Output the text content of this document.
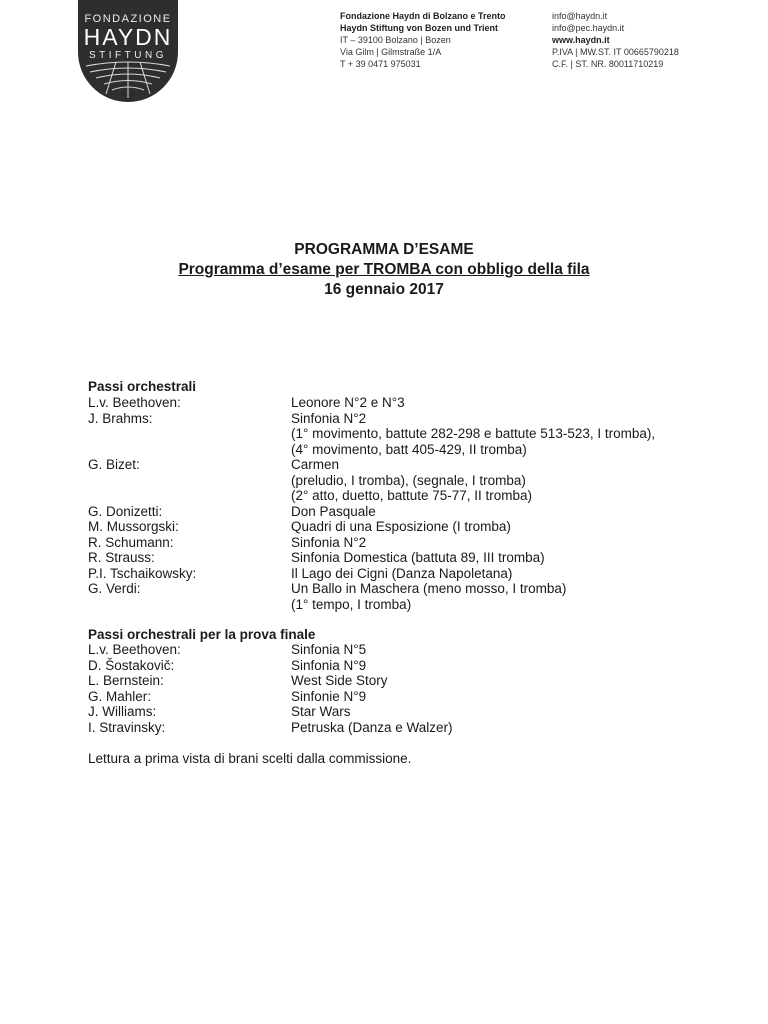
FONDAZIONE
HAYDN
STIFTUNG
Fondazione Haydn di Bolzano e Trento
Haydn Stiftung von Bozen und Trient
IT – 39100 Bolzano | Bozen
Via Gilm | Gilmstraße 1/A
T + 39 0471 975031
info@haydn.it
info@pec.haydn.it
www.haydn.it
P.IVA | MW.ST. IT 00665790218
C.F. | ST. NR. 80011710219
PROGRAMMA D’ESAME
Programma d’esame per TROMBA con obbligo della fila
16 gennaio 2017
Passi orchestrali
L.v. Beethoven:	Leonore N°2 e N°3
J. Brahms:	Sinfonia N°2
(1° movimento, battute 282-298 e battute 513-523, I tromba),
(4° movimento, batt 405-429, II tromba)
G. Bizet:	Carmen
(preludio, I tromba), (segnale, I tromba)
(2° atto, duetto, battute 75-77, II tromba)
G. Donizetti:	Don Pasquale
M. Mussorgski:	Quadri di una Esposizione (I tromba)
R. Schumann:	Sinfonia N°2
R. Strauss:	Sinfonia Domestica (battuta 89, III tromba)
P.I. Tschaikowsky:	Il Lago dei Cigni (Danza Napoletana)
G. Verdi:	Un Ballo in Maschera (meno mosso, I tromba)
(1° tempo, I tromba)
Passi orchestrali per la prova finale
L.v. Beethoven:	Sinfonia N°5
D. Šostakovič:	Sinfonia N°9
L. Bernstein:	West Side Story
G. Mahler:	Sinfonie N°9
J. Williams:	Star Wars
I. Stravinsky:	Petruska (Danza e Walzer)
Lettura a prima vista di brani scelti dalla commissione.
